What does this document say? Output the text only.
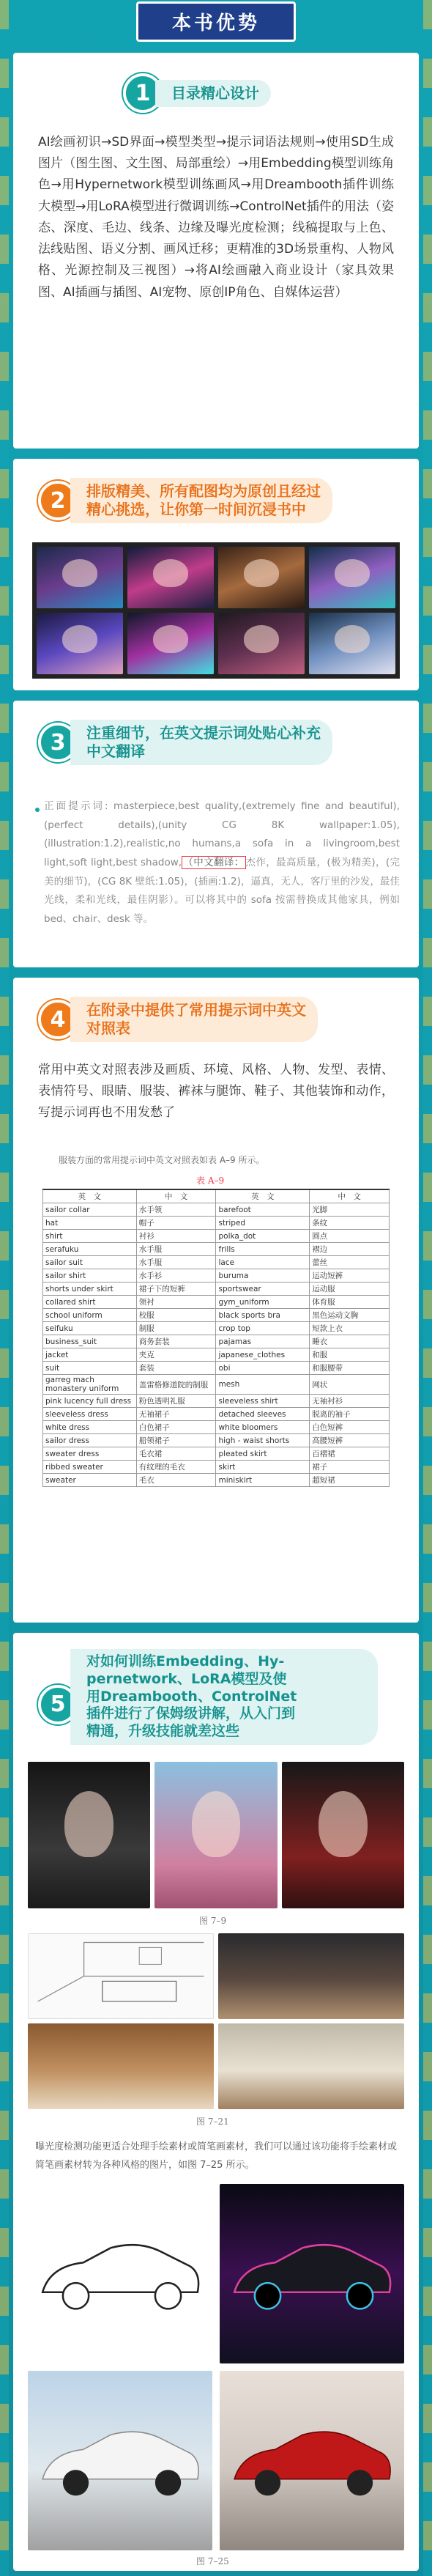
本书优势
1	目录精心设计
AI绘画初识→SD界面→模型类型→提示词语法规则→使用SD生成图片（图生图、文生图、局部重绘）→用Embedding模型训练角色→用Hypernetwork模型训练画风→用Dreambooth插件训练大模型→用LoRA模型进行微调训练→ControlNet插件的用法（姿态、深度、毛边、线条、边缘及曝光度检测；线稿提取与上色、法线贴图、语义分割、画风迁移；更精准的3D场景重构、人物风格、光源控制及三视图）→将AI绘画融入商业设计（家具效果图、AI插画与插图、AI宠物、原创IP角色、自媒体运营）
2 排版精美、所有配图均为原创且经过
精心挑选，让你第一时间沉浸书中
3 注重细节，在英文提示词处贴心补充
中文翻译
正面提示词: masterpiece,best quality,(extremely fine and beautiful),(perfect details),(unity CG 8K wallpaper:1.05),(illustration:1.2),realistic,no humans,a sofa in a livingroom,best light,soft light,best shadow, （中文翻译： 杰作，最高质量，(极为精美)，(完美的细节)，(CG 8K 壁纸:1.05)，(插画:1.2)，逼真，无人，客厅里的沙发，最佳光线，柔和光线，最佳阴影）。可以将其中的 sofa 按需替换成其他家具，例如 bed、chair、desk 等。
4 在附录中提供了常用提示词中英文
对照表
常用中英文对照表涉及画质、环境、风格、人物、发型、表情、表情符号、眼睛、服装、裤袜与腿饰、鞋子、其他装饰和动作，写提示词再也不用发愁了
服装方面的常用提示词中英文对照表如表 A–9 所示。
表 A–9
英　文	中　文	英　文	中　文
sailor collar	水手领	barefoot	光脚
hat	帽子	striped	条纹
shirt	衬衫	polka_dot	圆点
serafuku	水手服	frills	褶边
sailor suit	水手服	lace	蕾丝
sailor shirt	水手衫	buruma	运动短裤
shorts under skirt	裙子下的短裤	sportswear	运动服
collared shirt	领衬	gym_uniform	体育服
school uniform	校服	black sports bra	黑色运动文胸
seifuku	制服	crop top	短款上衣
business_suit	商务套装	pajamas	睡衣
jacket	夹克	japanese_clothes	和服
suit	套装	obi	和服腰带
garreg mach monastery uniform	盖雷格修道院的制服	mesh	网状
pink lucency full dress	粉色透明礼服	sleeveless shirt	无袖衬衫
sleeveless dress	无袖裙子	detached sleeves	脱离的袖子
white dress	白色裙子	white bloomers	白色短裤
sailor dress	船领裙子	high - waist shorts	高腰短裤
sweater dress	毛衣裙	pleated skirt	百褶裙
ribbed sweater	有纹理的毛衣	skirt	裙子
sweater	毛衣	miniskirt	超短裙
5
对如何训练Embedding、Hy-
pernetwork、LoRA模型及使
用Dreambooth、ControlNet
插件进行了保姆级讲解，从入门到
精通，升级技能就差这些
图 7–9
图 7–21
曝光度检测功能更适合处理手绘素材或简笔画素材，我们可以通过该功能将手绘素材或简笔画素材转为各种风格的图片，如图 7–25 所示。
图 7–25
